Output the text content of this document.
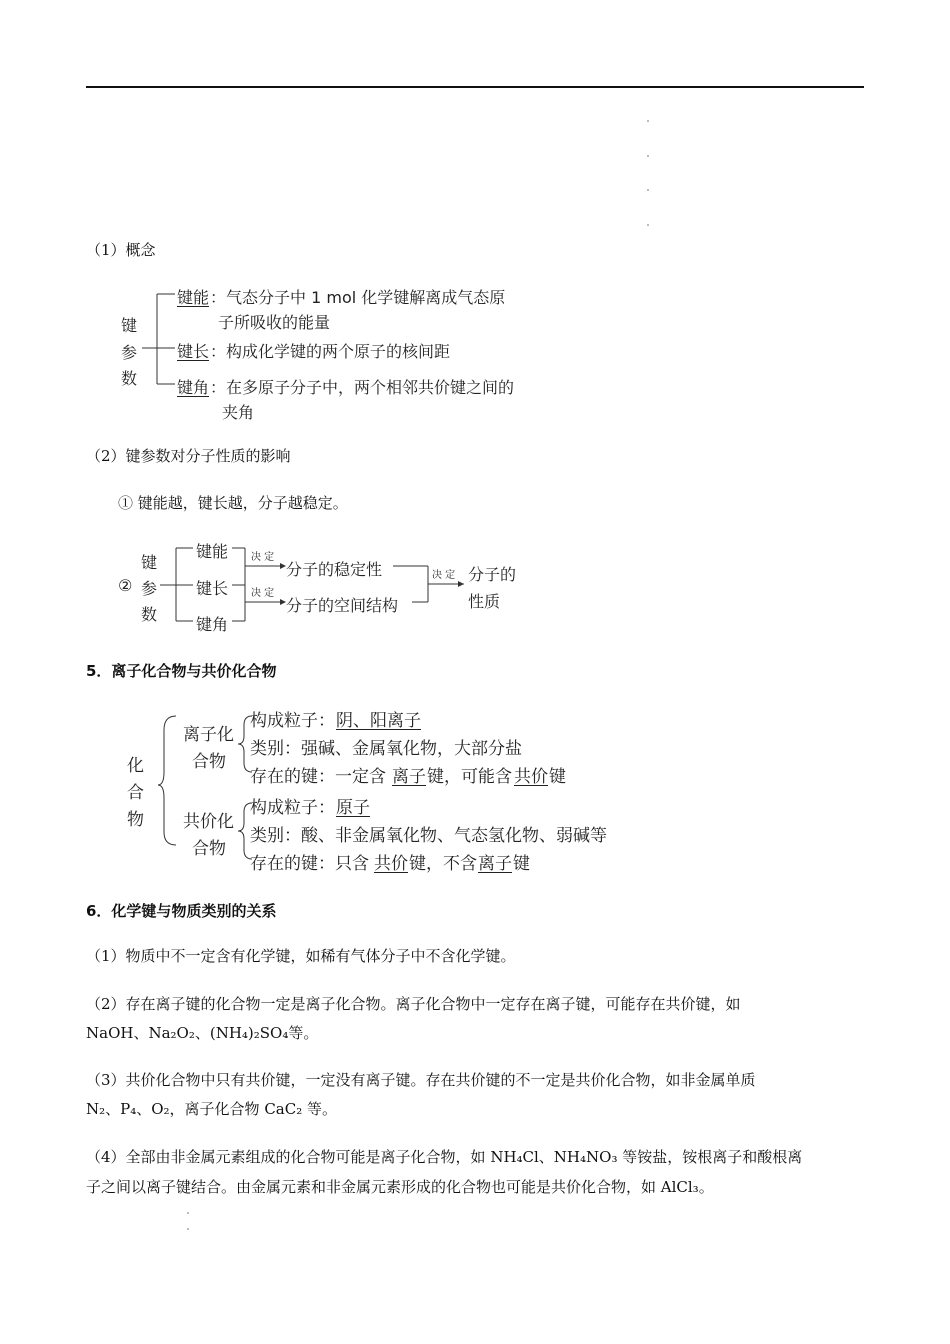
（1）概念
键
参
数
键能 ：气态分子中 1 mol 化学键解离成气态原
子所吸收的能量
键长 ：构成化学键的两个原子的核间距
键角 ：在多原子分子中，两个相邻共价键之间的
夹角
（2）键参数对分子性质的影响
① 键能越，键长越，分子越稳定。
②
键
参
数
键能
键长
键角
决 定
决 定
分子的稳定性
分子的空间结构
决 定 分子的
性质
5．离子化合物与共价化合物
化
合
物
离子化
合物
构成粒子： 阴、阳离子
类别：强碱、金属氧化物，大部分盐
存在的键：一定含 离子 键，可能含 共价 键
共价化
合物
构成粒子： 原子
类别：酸、非金属氧化物、气态氢化物、弱碱等
存在的键：只含 共价 键，不含 离子 键
6．化学键与物质类别的关系
（1）物质中不一定含有化学键，如稀有气体分子中不含化学键。
（2）存在离子键的化合物一定是离子化合物。离子化合物中一定存在离子键，可能存在共价键，如
NaOH、Na₂O₂、(NH₄)₂SO₄等。
（3）共价化合物中只有共价键，一定没有离子键。存在共价键的不一定是共价化合物，如非金属单质
N₂、P₄、O₂，离子化合物 CaC₂ 等。
（4）全部由非金属元素组成的化合物可能是离子化合物，如 NH₄Cl、NH₄NO₃ 等铵盐，铵根离子和酸根离
子之间以离子键结合。由金属元素和非金属元素形成的化合物也可能是共价化合物，如 AlCl₃。
